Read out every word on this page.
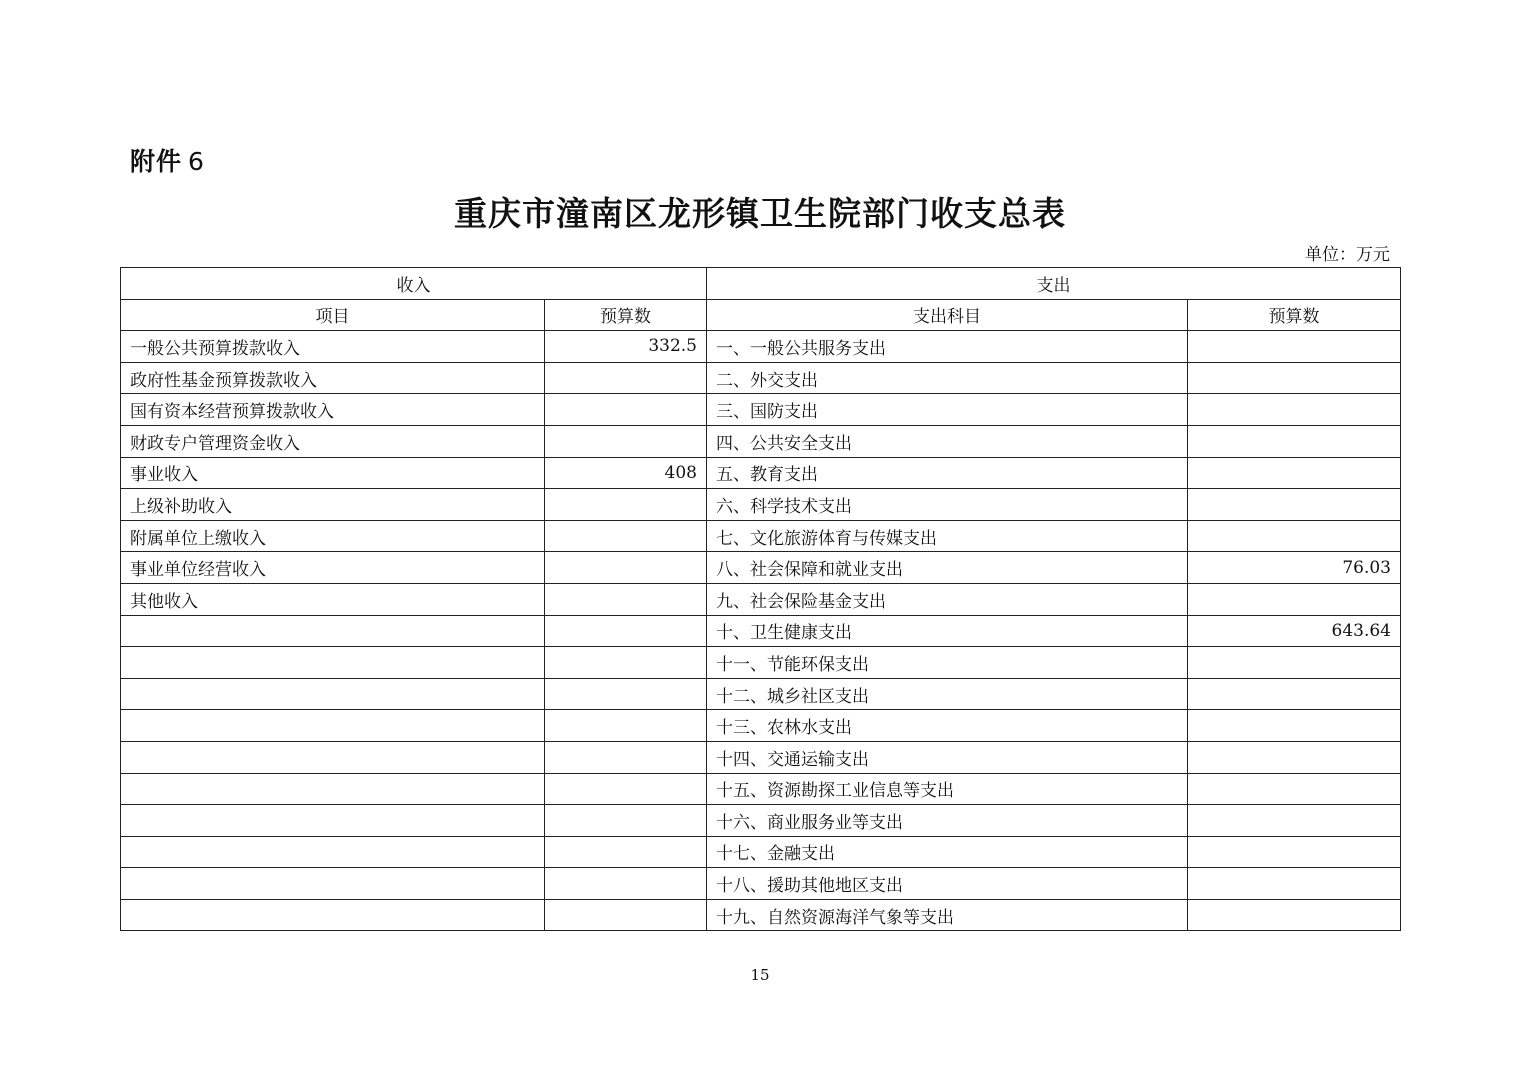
附件 6
重庆市潼南区龙形镇卫生院部门收支总表
单位：万元
收入		支出	
项目	预算数	支出科目	预算数
一般公共预算拨款收入	332.5	一、一般公共服务支出	
政府性基金预算拨款收入		二、外交支出	
国有资本经营预算拨款收入		三、国防支出	
财政专户管理资金收入		四、公共安全支出	
事业收入	408	五、教育支出	
上级补助收入		六、科学技术支出	
附属单位上缴收入		七、文化旅游体育与传媒支出	
事业单位经营收入		八、社会保障和就业支出	76.03
其他收入		九、社会保险基金支出	
		十、卫生健康支出	643.64
		十一、节能环保支出	
		十二、城乡社区支出	
		十三、农林水支出	
		十四、交通运输支出	
		十五、资源勘探工业信息等支出	
		十六、商业服务业等支出	
		十七、金融支出	
		十八、援助其他地区支出	
		十九、自然资源海洋气象等支出	
15
